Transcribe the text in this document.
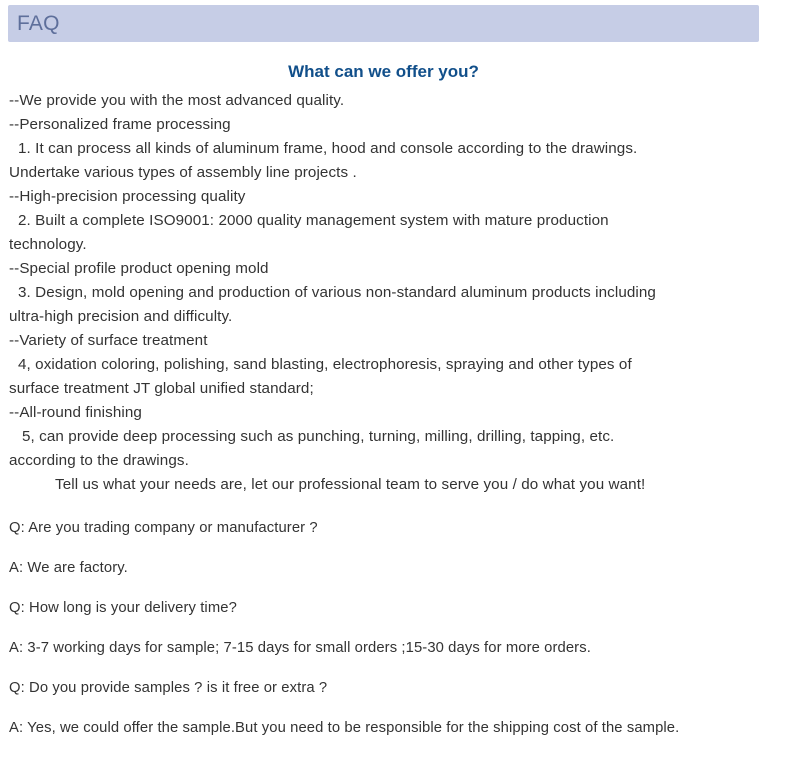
FAQ
What can we offer you?
--We provide you with the most advanced quality.
--Personalized frame processing
1. It can process all kinds of aluminum frame, hood and console according to the drawings.
Undertake various types of assembly line projects .
--High-precision processing quality
2. Built a complete ISO9001: 2000 quality management system with mature production
technology.
--Special profile product opening mold
3. Design, mold opening and production of various non-standard aluminum products including
ultra-high precision and difficulty.
--Variety of surface treatment
4, oxidation coloring, polishing, sand blasting, electrophoresis, spraying and other types of
surface treatment JT global unified standard;
--All-round finishing
5, can provide deep processing such as punching, turning, milling, drilling, tapping, etc.
according to the drawings.
Tell us what your needs are, let our professional team to serve you / do what you want!
Q: Are you trading company or manufacturer ?
A: We are factory.
Q: How long is your delivery time?
A: 3-7 working days for sample; 7-15 days for small orders ;15-30 days for more orders.
Q: Do you provide samples ? is it free or extra ?
A: Yes, we could offer the sample.But you need to be responsible for the shipping cost of the sample.
